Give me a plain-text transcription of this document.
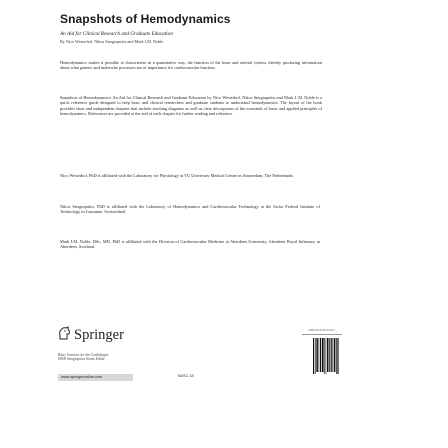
Snapshots of Hemodynamics
An Aid for Clinical Research and Graduate Education
By Nico Westerhof, Nikos Stergiopulos and Mark I.M. Noble
Hemodynamics makes it possible to characterize in a quantitative way, the function of the heart and arterial system, thereby producing information about what genetic and molecular processes are of importance for cardiovascular function.
Snapshots of Hemodynamics: An Aid for Clinical Research and Graduate Education by Nico Westerhof, Nikos Stergiopulos and Mark I. M. Noble is a quick reference guide designed to help basic and clinical researchers and graduate students to understand hemodynamics. The layout of the book provides short and independent chapters that include teaching diagrams as well as clear descriptions of the essentials of basic and applied principles of hemodynamics. References are provided at the end of each chapter for further reading and reference.
Nico Westerhof, PhD is affiliated with the Laboratory for Physiology at VU University Medical Center in Amsterdam, The Netherlands.
Nikos Stergiopulos, PhD is affiliated with the Laboratory of Hemodynamics and Cardiovascular Technology at the Swiss Federal Institute of Technology in Lausanne, Switzerland.
Mark I.M. Noble, DSc, MD, PhD is affiliated with the Division of Cardiovascular Medicine at Aberdeen University, Aberdeen Royal Infirmary in Aberdeen, Scotland.
Springer
Basic Sciences for the Cardiologist
ISBN Stergiopulos Series Editor
www.springeronline.com	BASC 18
ISBN 978-0-387-23345-1
